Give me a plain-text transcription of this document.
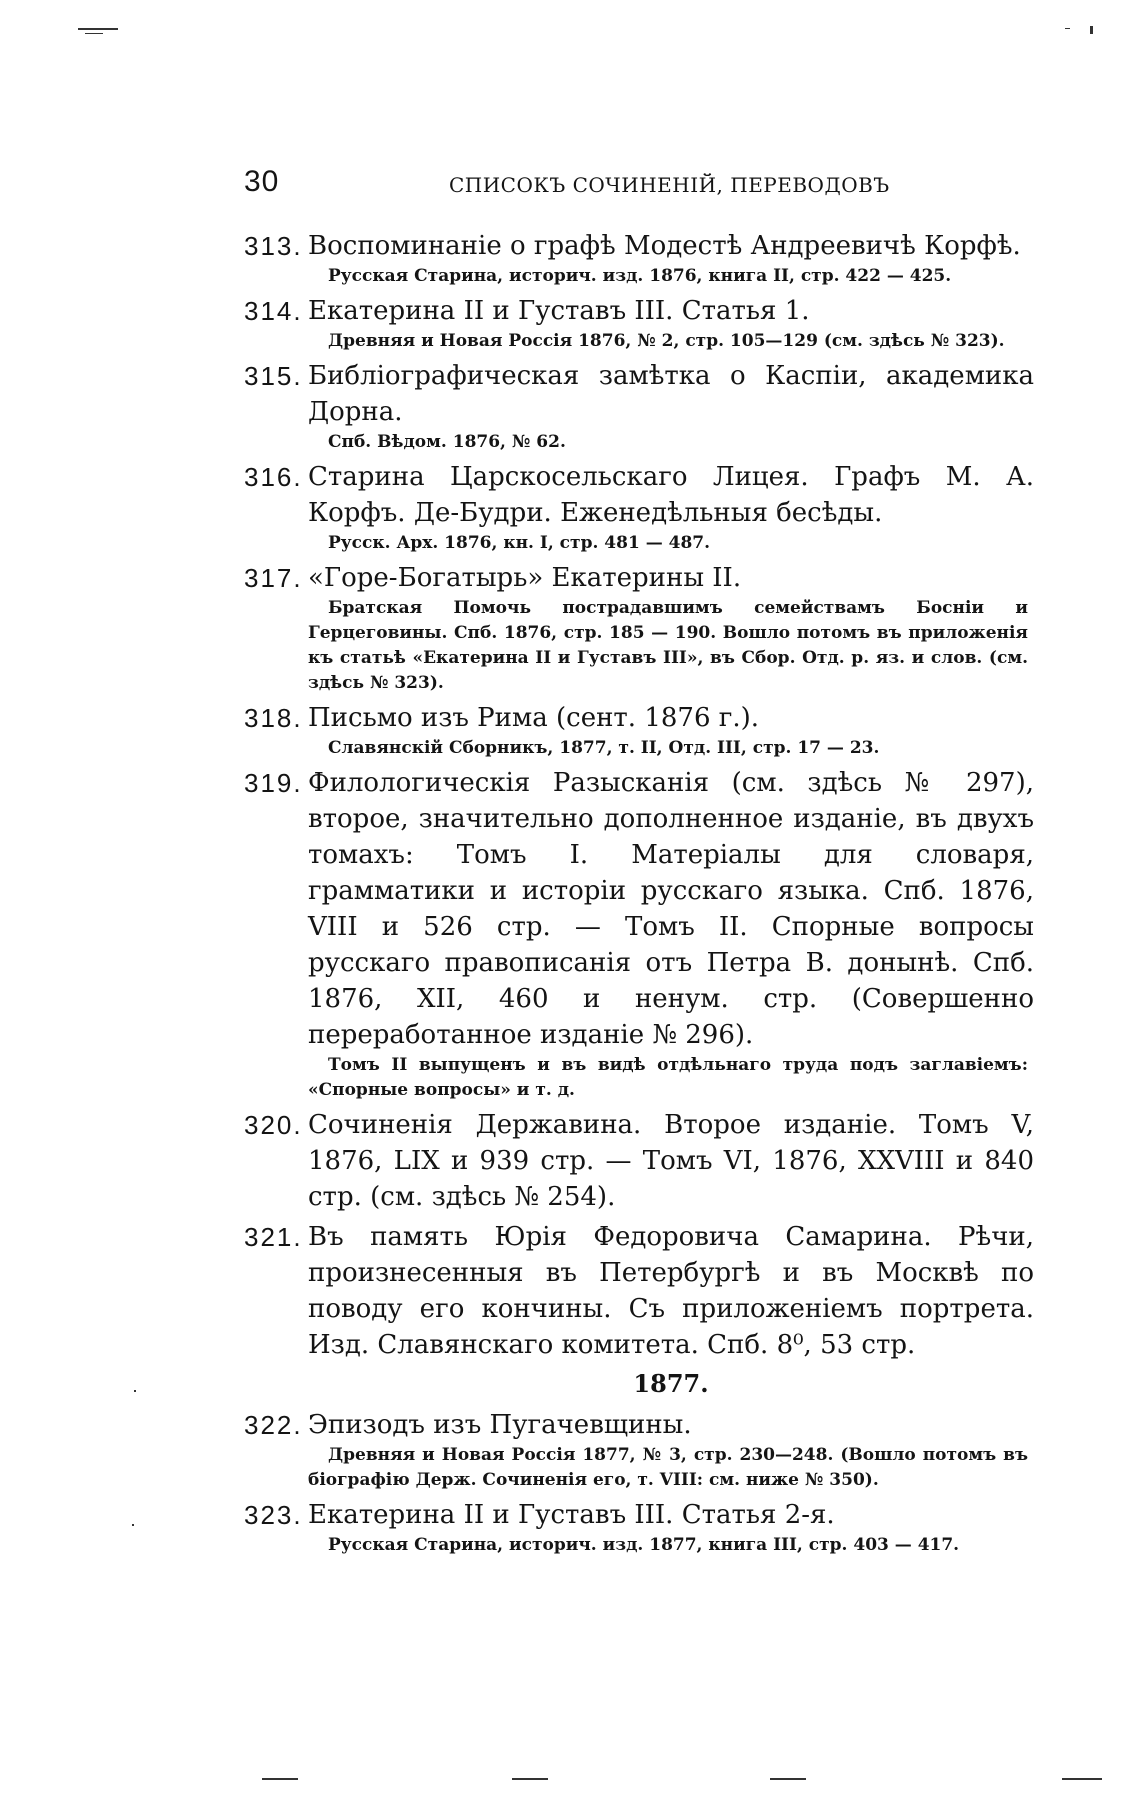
30	СПИСОКЪ СОЧИНЕНІЙ, ПЕРЕВОДОВЪ
313. Воспоминаніе о графѣ Модестѣ Андреевичѣ Корфѣ.
Русская Старина, историч. изд. 1876, книга II, стр. 422 — 425.
314. Екатерина II и Густавъ III. Статья 1.
Древняя и Новая Россія 1876, № 2, стр. 105—129 (см. здѣсь № 323).
315. Библіографическая замѣтка о Каспіи, академика Дорна.
Спб. Вѣдом. 1876, № 62.
316. Старина Царскосельскаго Лицея. Графъ М. А. Корфъ. Де-Будри. Еженедѣльныя бесѣды.
Русск. Арх. 1876, кн. I, стр. 481 — 487.
317. «Горе-Богатырь» Екатерины II.
Братская Помочь пострадавшимъ семействамъ Босніи и Герцеговины. Спб. 1876, стр. 185 — 190. Вошло потомъ въ приложенія къ статьѣ «Екатерина II и Густавъ III», въ Сбор. Отд. р. яз. и слов. (см. здѣсь № 323).
318. Письмо изъ Рима (сент. 1876 г.).
Славянскій Сборникъ, 1877, т. II, Отд. III, стр. 17 — 23.
319. Филологическія Разысканія (см. здѣсь № 297), второе, значительно дополненное изданіе, въ двухъ томахъ: Томъ I. Матеріалы для словаря, грамматики и исторіи русскаго языка. Спб. 1876, VIII и 526 стр. — Томъ II. Спорные вопросы русскаго правописанія отъ Петра В. донынѣ. Спб. 1876, XII, 460 и ненум. стр. (Совершенно переработанное изданіе № 296).
Томъ II выпущенъ и въ видѣ отдѣльнаго труда подъ заглавіемъ: «Спорные вопросы» и т. д.
320. Сочиненія Державина. Второе изданіе. Томъ V, 1876, LIX и 939 стр. — Томъ VI, 1876, XXVIII и 840 стр. (см. здѣсь № 254).
321. Въ память Юрія Федоровича Самарина. Рѣчи, произнесенныя въ Петербургѣ и въ Москвѣ по поводу его кончины. Съ приложеніемъ портрета. Изд. Славянскаго комитета. Спб. 8⁰, 53 стр.
1877.
322. Эпизодъ изъ Пугачевщины.
Древняя и Новая Россія 1877, № 3, стр. 230—248. (Вошло потомъ въ біографію Держ. Сочиненія его, т. VIII: см. ниже № 350).
323. Екатерина II и Густавъ III. Статья 2-я.
Русская Старина, историч. изд. 1877, книга III, стр. 403 — 417.
